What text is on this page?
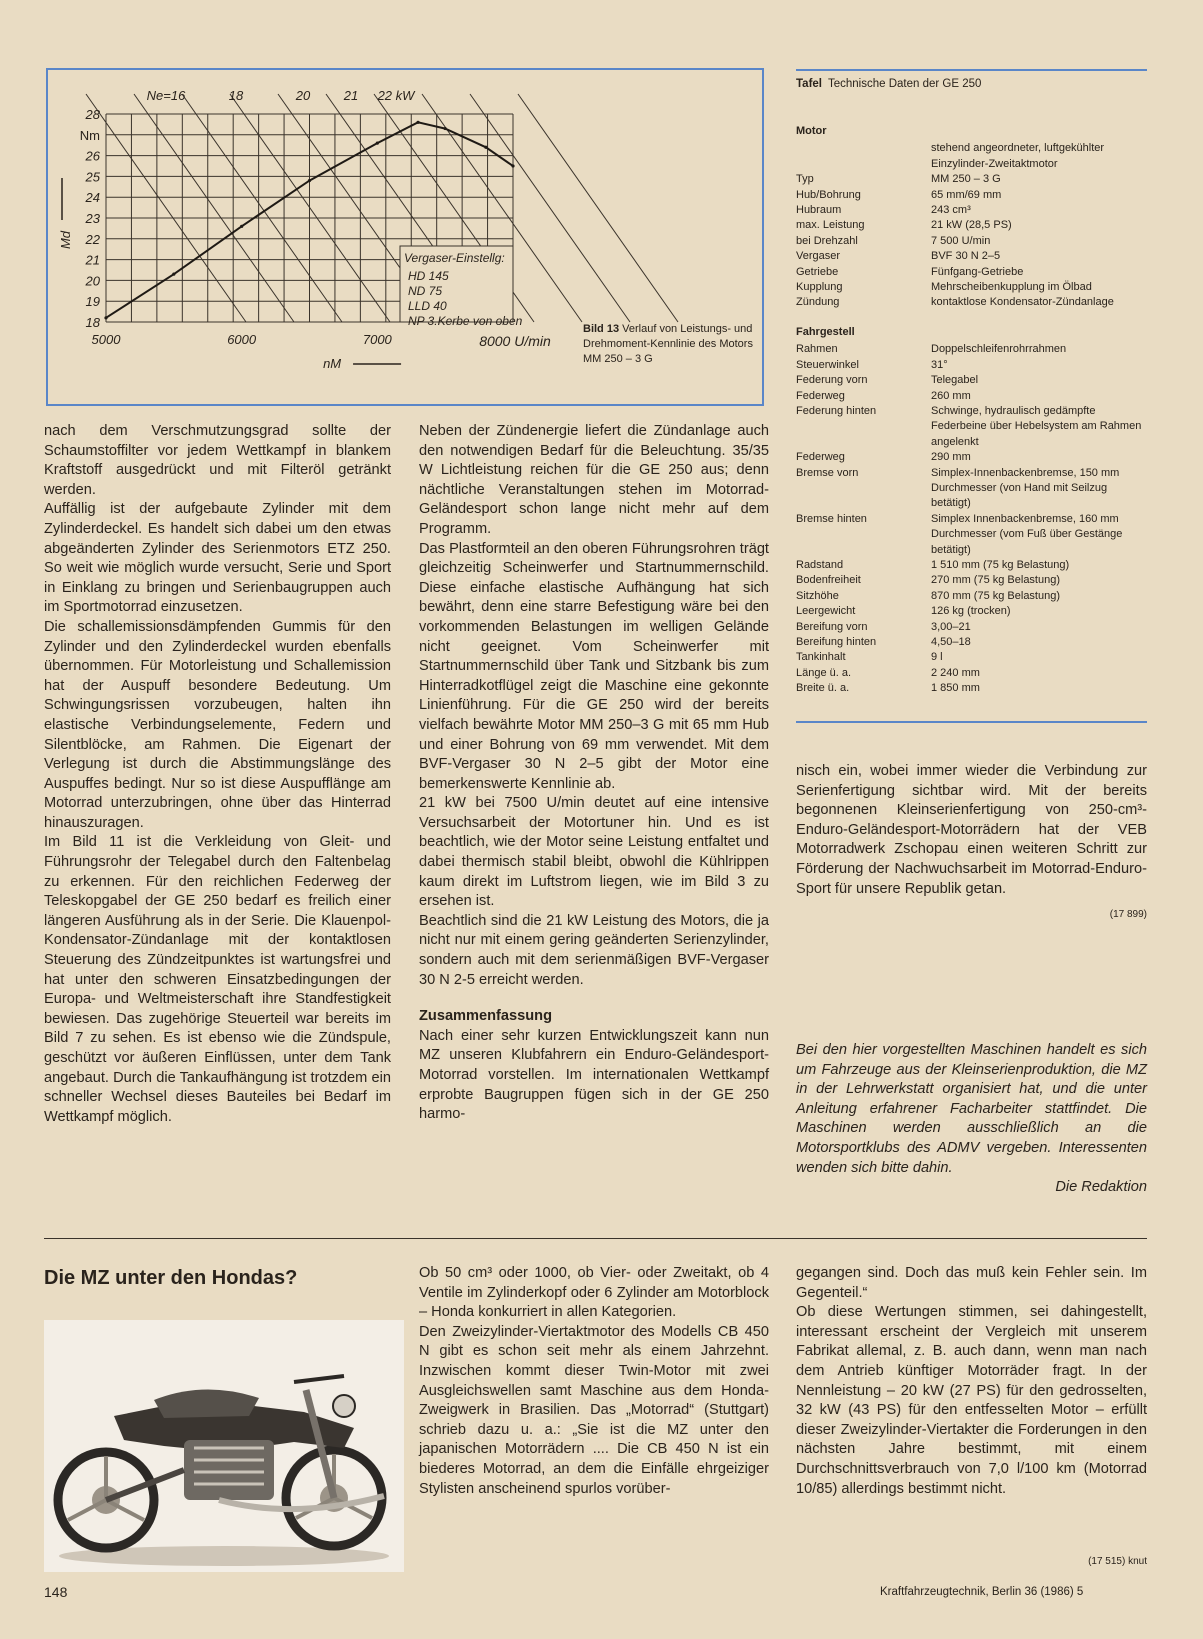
28
26
25
24
23
22
21
20
19
18
Nm
Md
5000	6000	7000	8000 U/min
nM
Ne=16	18	20	21 22 kW
Vergaser-Einstellg:
HD 145
ND 75
LLD 40
NP 3.Kerbe von oben
Bild 13 Verlauf von Leistungs- und Drehmoment-Kennlinie des Motors MM 250 – 3 G
Tafel Technische Daten der GE 250
Motor
stehend angeordneter, luftgekühlter
Einzylinder-Zweitaktmotor
Typ	MM 250 – 3 G
Hub/Bohrung	65 mm/69 mm
Hubraum	243 cm³
max. Leistung	21 kW (28,5 PS)
bei Drehzahl	7 500 U/min
Vergaser	BVF 30 N 2–5
Getriebe	Fünfgang-Getriebe
Kupplung	Mehrscheibenkupplung im Ölbad
Zündung	kontaktlose Kondensator-Zündanlage
Fahrgestell
Rahmen	Doppelschleifenrohrrahmen
Steuerwinkel	31°
Federung vorn	Telegabel
Federweg	260 mm
Federung hinten	Schwinge, hydraulisch gedämpfte Federbeine über Hebelsystem am Rahmen angelenkt
Federweg	290 mm
Bremse vorn	Simplex-Innenbackenbremse, 150 mm Durchmesser (von Hand mit Seilzug betätigt)
Bremse hinten	Simplex Innenbackenbremse, 160 mm Durchmesser (vom Fuß über Gestänge betätigt)
Radstand	1 510 mm (75 kg Belastung)
Bodenfreiheit	270 mm (75 kg Belastung)
Sitzhöhe	870 mm (75 kg Belastung)
Leergewicht	126 kg (trocken)
Bereifung vorn	3,00–21
Bereifung hinten	4,50–18
Tankinhalt	9 l
Länge ü. a.	2 240 mm
Breite ü. a.	1 850 mm

nach dem Verschmutzungsgrad sollte der Schaumstoffilter vor jedem Wettkampf in blankem Kraftstoff ausgedrückt und mit Filteröl getränkt werden.

Auffällig ist der aufgebaute Zylinder mit dem Zylinderdeckel. Es handelt sich dabei um den etwas abgeänderten Zylinder des Serienmotors ETZ 250. So weit wie möglich wurde versucht, Serie und Sport in Einklang zu bringen und Serienbaugruppen auch im Sportmotorrad einzusetzen.

Die schallemissionsdämpfenden Gummis für den Zylinder und den Zylinderdeckel wurden ebenfalls übernommen. Für Motorleistung und Schallemission hat der Auspuff besondere Bedeutung. Um Schwingungsrissen vorzubeugen, halten ihn elastische Verbindungselemente, Federn und Silentblöcke, am Rahmen. Die Eigenart der Verlegung ist durch die Abstimmungslänge des Auspuffes bedingt. Nur so ist diese Auspufflänge am Motorrad unterzubringen, ohne über das Hinterrad hinauszuragen.

Im Bild 11 ist die Verkleidung von Gleit- und Führungsrohr der Telegabel durch den Faltenbelag zu erkennen. Für den reichlichen Federweg der Teleskopgabel der GE 250 bedarf es freilich einer längeren Ausführung als in der Serie. Die Klauenpol-Kondensator-Zündanlage mit der kontaktlosen Steuerung des Zündzeitpunktes ist wartungsfrei und hat unter den schweren Einsatzbedingungen der Europa- und Weltmeisterschaft ihre Standfestigkeit bewiesen. Das zugehörige Steuerteil war bereits im Bild 7 zu sehen. Es ist ebenso wie die Zündspule, geschützt vor äußeren Einflüssen, unter dem Tank angebaut. Durch die Tankaufhängung ist trotzdem ein schneller Wechsel dieses Bauteiles bei Bedarf im Wettkampf möglich.

Neben der Zündenergie liefert die Zündanlage auch den notwendigen Bedarf für die Beleuchtung. 35/35 W Lichtleistung reichen für die GE 250 aus; denn nächtliche Veranstaltungen stehen im Motorrad-Geländesport schon lange nicht mehr auf dem Programm.

Das Plastformteil an den oberen Führungsrohren trägt gleichzeitig Scheinwerfer und Startnummernschild. Diese einfache elastische Aufhängung hat sich bewährt, denn eine starre Befestigung wäre bei den vorkommenden Belastungen im welligen Gelände nicht geeignet. Vom Scheinwerfer mit Startnummernschild über Tank und Sitzbank bis zum Hinterradkotflügel zeigt die Maschine eine gekonnte Linienführung. Für die GE 250 wird der bereits vielfach bewährte Motor MM 250–3 G mit 65 mm Hub und einer Bohrung von 69 mm verwendet. Mit dem BVF-Vergaser 30 N 2–5 gibt der Motor eine bemerkenswerte Kennlinie ab.

21 kW bei 7500 U/min deutet auf eine intensive Versuchsarbeit der Motortuner hin. Und es ist beachtlich, wie der Motor seine Leistung entfaltet und dabei thermisch stabil bleibt, obwohl die Kühlrippen kaum direkt im Luftstrom liegen, wie im Bild 3 zu ersehen ist.

Beachtlich sind die 21 kW Leistung des Motors, die ja nicht nur mit einem gering geänderten Serienzylinder, sondern auch mit dem serienmäßigen BVF-Vergaser 30 N 2-5 erreicht werden.

Zusammenfassung

Nach einer sehr kurzen Entwicklungszeit kann nun MZ unseren Klubfahrern ein Enduro-Geländesport-Motorrad vorstellen. Im internationalen Wettkampf erprobte Baugruppen fügen sich in der GE 250 harmo-

nisch ein, wobei immer wieder die Verbindung zur Serienfertigung sichtbar wird. Mit der bereits begonnenen Kleinserienfertigung von 250-cm³-Enduro-Geländesport-Motorrädern hat der VEB Motorradwerk Zschopau einen weiteren Schritt zur Förderung der Nachwuchsarbeit im Motorrad-Enduro-Sport für unsere Republik getan.

(17 899)

Bei den hier vorgestellten Maschinen handelt es sich um Fahrzeuge aus der Kleinserienproduktion, die MZ in der Lehrwerkstatt organisiert hat, und die unter Anleitung erfahrener Facharbeiter stattfindet. Die Maschinen werden ausschließlich an die Motorsportklubs des ADMV vergeben. Interessenten wenden sich bitte dahin.

Die Redaktion

Die MZ unter den Hondas?	Ob 50 cm³ oder 1000, ob Vier- oder Zweitakt, ob 4 Ventile im Zylinderkopf oder 6 Zylinder am Motorblock – Honda konkurriert in allen Kategorien.

Den Zweizylinder-Viertaktmotor des Modells CB 450 N gibt es schon seit mehr als einem Jahrzehnt. Inzwischen kommt dieser Twin-Motor mit zwei Ausgleichswellen samt Maschine aus dem Honda-Zweigwerk in Brasilien. Das „Motorrad“ (Stuttgart) schrieb dazu u. a.: „Sie ist die MZ unter den japanischen Motorrädern .... Die CB 450 N ist ein biederes Motorrad, an dem die Einfälle ehrgeiziger Stylisten anscheinend spurlos vorüber-

gegangen sind. Doch das muß kein Fehler sein. Im Gegenteil.“

Ob diese Wertungen stimmen, sei dahingestellt, interessant erscheint der Vergleich mit unserem Fabrikat allemal, z. B. auch dann, wenn man nach dem Antrieb künftiger Motorräder fragt. In der Nennleistung – 20 kW (27 PS) für den gedrosselten, 32 kW (43 PS) für den entfesselten Motor – erfüllt dieser Zweizylinder-Viertakter die Forderungen in den nächsten Jahre bestimmt, mit einem Durchschnittsverbrauch von 7,0 l/100 km (Motorrad 10/85) allerdings bestimmt nicht.

(17 515) knut
148	Kraftfahrzeugtechnik, Berlin 36 (1986) 5
